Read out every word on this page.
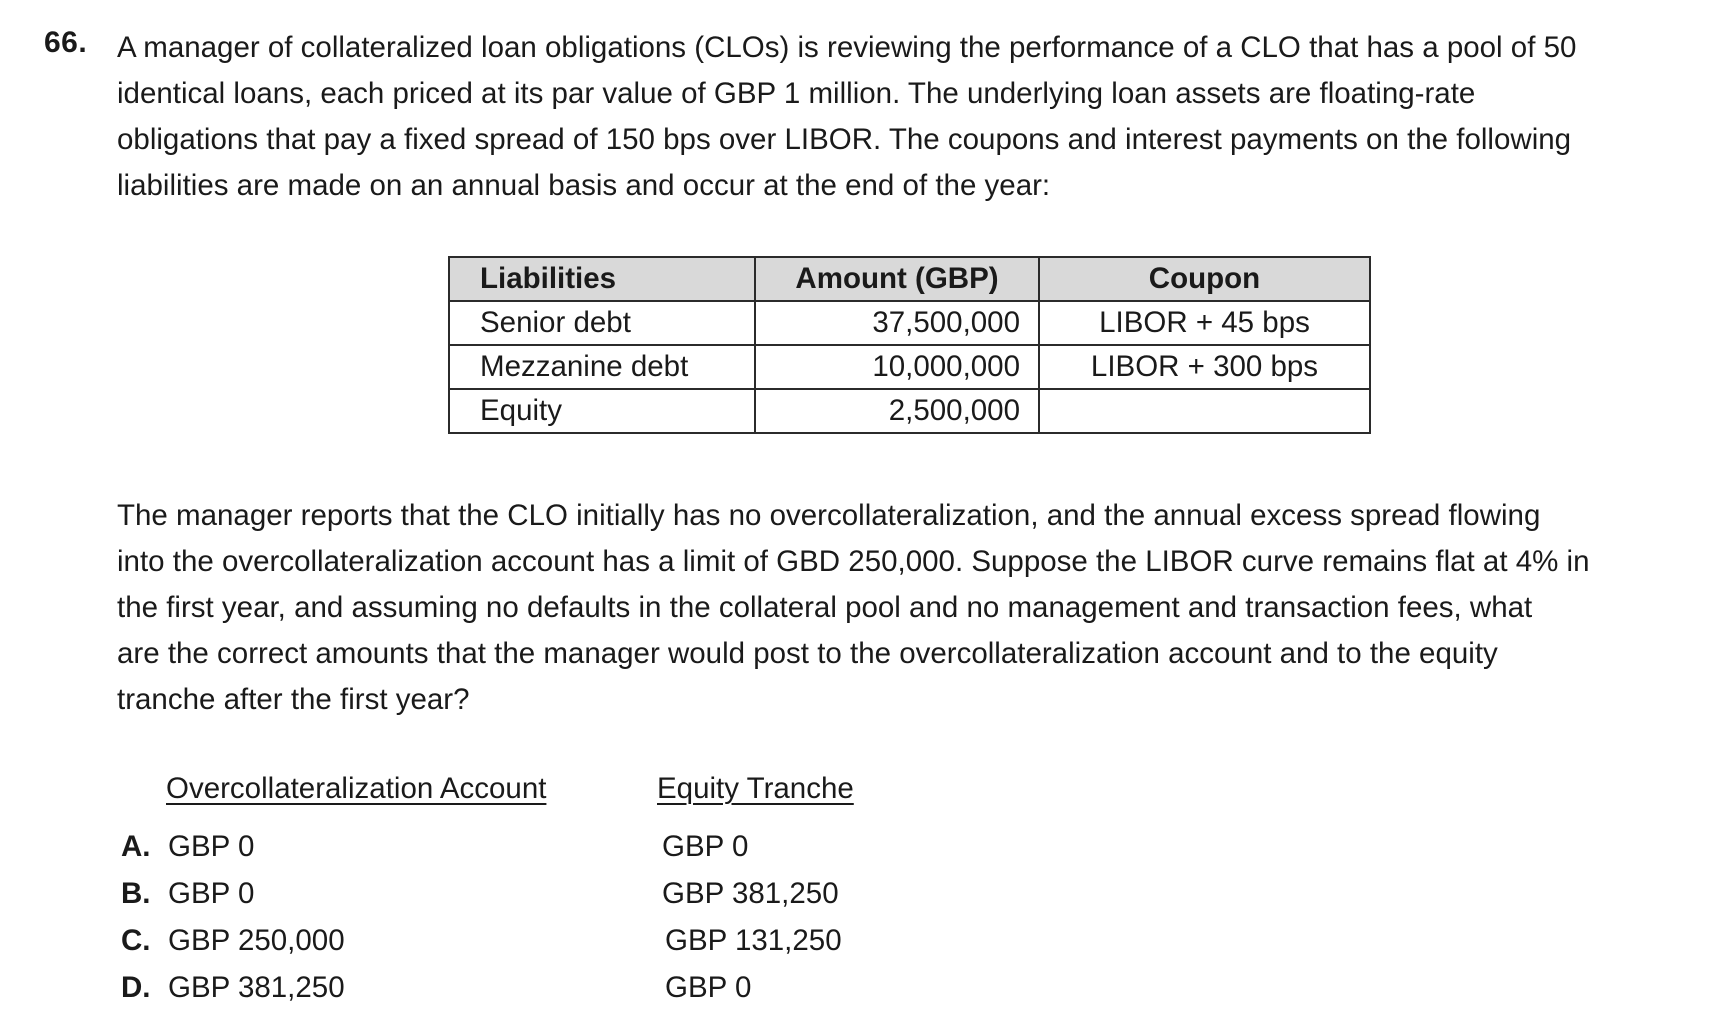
66. A manager of collateralized loan obligations (CLOs) is reviewing the performance of a CLO that has a pool of 50
identical loans, each priced at its par value of GBP 1 million. The underlying loan assets are floating-rate
obligations that pay a fixed spread of 150 bps over LIBOR. The coupons and interest payments on the following
liabilities are made on an annual basis and occur at the end of the year:

Liabilities	Amount (GBP)	Coupon
Senior debt	37,500,000	LIBOR + 45 bps
Mezzanine debt	10,000,000	LIBOR + 300 bps
Equity	2,500,000	

The manager reports that the CLO initially has no overcollateralization, and the annual excess spread flowing
into the overcollateralization account has a limit of GBD 250,000. Suppose the LIBOR curve remains flat at 4% in
the first year, and assuming no defaults in the collateral pool and no management and transaction fees, what
are the correct amounts that the manager would post to the overcollateralization account and to the equity
tranche after the first year?

Overcollateralization Account	Equity Tranche
A. GBP 0	GBP 0
B. GBP 0	GBP 381,250
C. GBP 250,000	GBP 131,250
D. GBP 381,250	GBP 0
